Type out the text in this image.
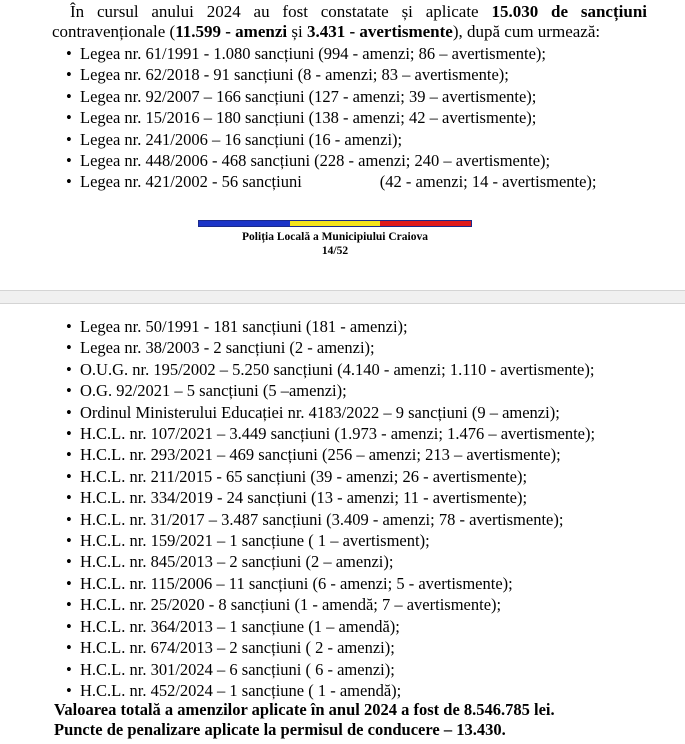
În cursul anului 2024 au fost constatate și aplicate 15.030 de sancțiuni contravenționale (11.599 - amenzi și 3.431 - avertismente), după cum urmează:

• Legea nr. 61/1991 - 1.080 sancțiuni (994 - amenzi; 86 – avertismente);
• Legea nr. 62/2018 - 91 sancțiuni (8 - amenzi; 83 – avertismente);
• Legea nr. 92/2007 – 166 sancțiuni (127 - amenzi; 39 – avertismente);
• Legea nr. 15/2016 – 180 sancțiuni (138 - amenzi; 42 – avertismente);
• Legea nr. 241/2006 – 16 sancțiuni (16 - amenzi);
• Legea nr. 448/2006 - 468 sancțiuni (228 - amenzi; 240 – avertismente);
• Legea nr. 421/2002 - 56 sancțiuni	(42 - amenzi; 14 - avertismente);
Poliția Locală a Municipiului Craiova
14/52
• Legea nr. 50/1991 - 181 sancțiuni (181 - amenzi);
• Legea nr. 38/2003 - 2 sancțiuni (2 - amenzi);
• O.U.G. nr. 195/2002 – 5.250 sancțiuni (4.140 - amenzi; 1.110 - avertismente);
• O.G. 92/2021 – 5 sancțiuni (5 –amenzi);
• Ordinul Ministerului Educației nr. 4183/2022 – 9 sancțiuni (9 – amenzi);
• H.C.L. nr. 107/2021 – 3.449 sancțiuni (1.973 - amenzi; 1.476 – avertismente);
• H.C.L. nr. 293/2021 – 469 sancțiuni (256 – amenzi; 213 – avertismente);
• H.C.L. nr. 211/2015 - 65 sancțiuni (39 - amenzi; 26 - avertismente);
• H.C.L. nr. 334/2019 - 24 sancțiuni (13 - amenzi; 11 - avertismente);
• H.C.L. nr. 31/2017 – 3.487 sancțiuni (3.409 - amenzi; 78 - avertismente);
• H.C.L. nr. 159/2021 – 1 sancțiune ( 1 – avertisment);
• H.C.L. nr. 845/2013 – 2 sancțiuni (2 – amenzi);
• H.C.L. nr. 115/2006 – 11 sancțiuni (6 - amenzi; 5 - avertismente);
• H.C.L. nr. 25/2020 - 8 sancțiuni (1 - amendă; 7 – avertismente);
• H.C.L. nr. 364/2013 – 1 sancțiune (1 – amendă);
• H.C.L. nr. 674/2013 – 2 sancțiuni ( 2 - amenzi);
• H.C.L. nr. 301/2024 – 6 sancțiuni ( 6 - amenzi);
• H.C.L. nr. 452/2024 – 1 sancțiune ( 1 - amendă);

Valoarea totală a amenzilor aplicate în anul 2024 a fost de 8.546.785 lei.

Puncte de penalizare aplicate la permisul de conducere – 13.430.
